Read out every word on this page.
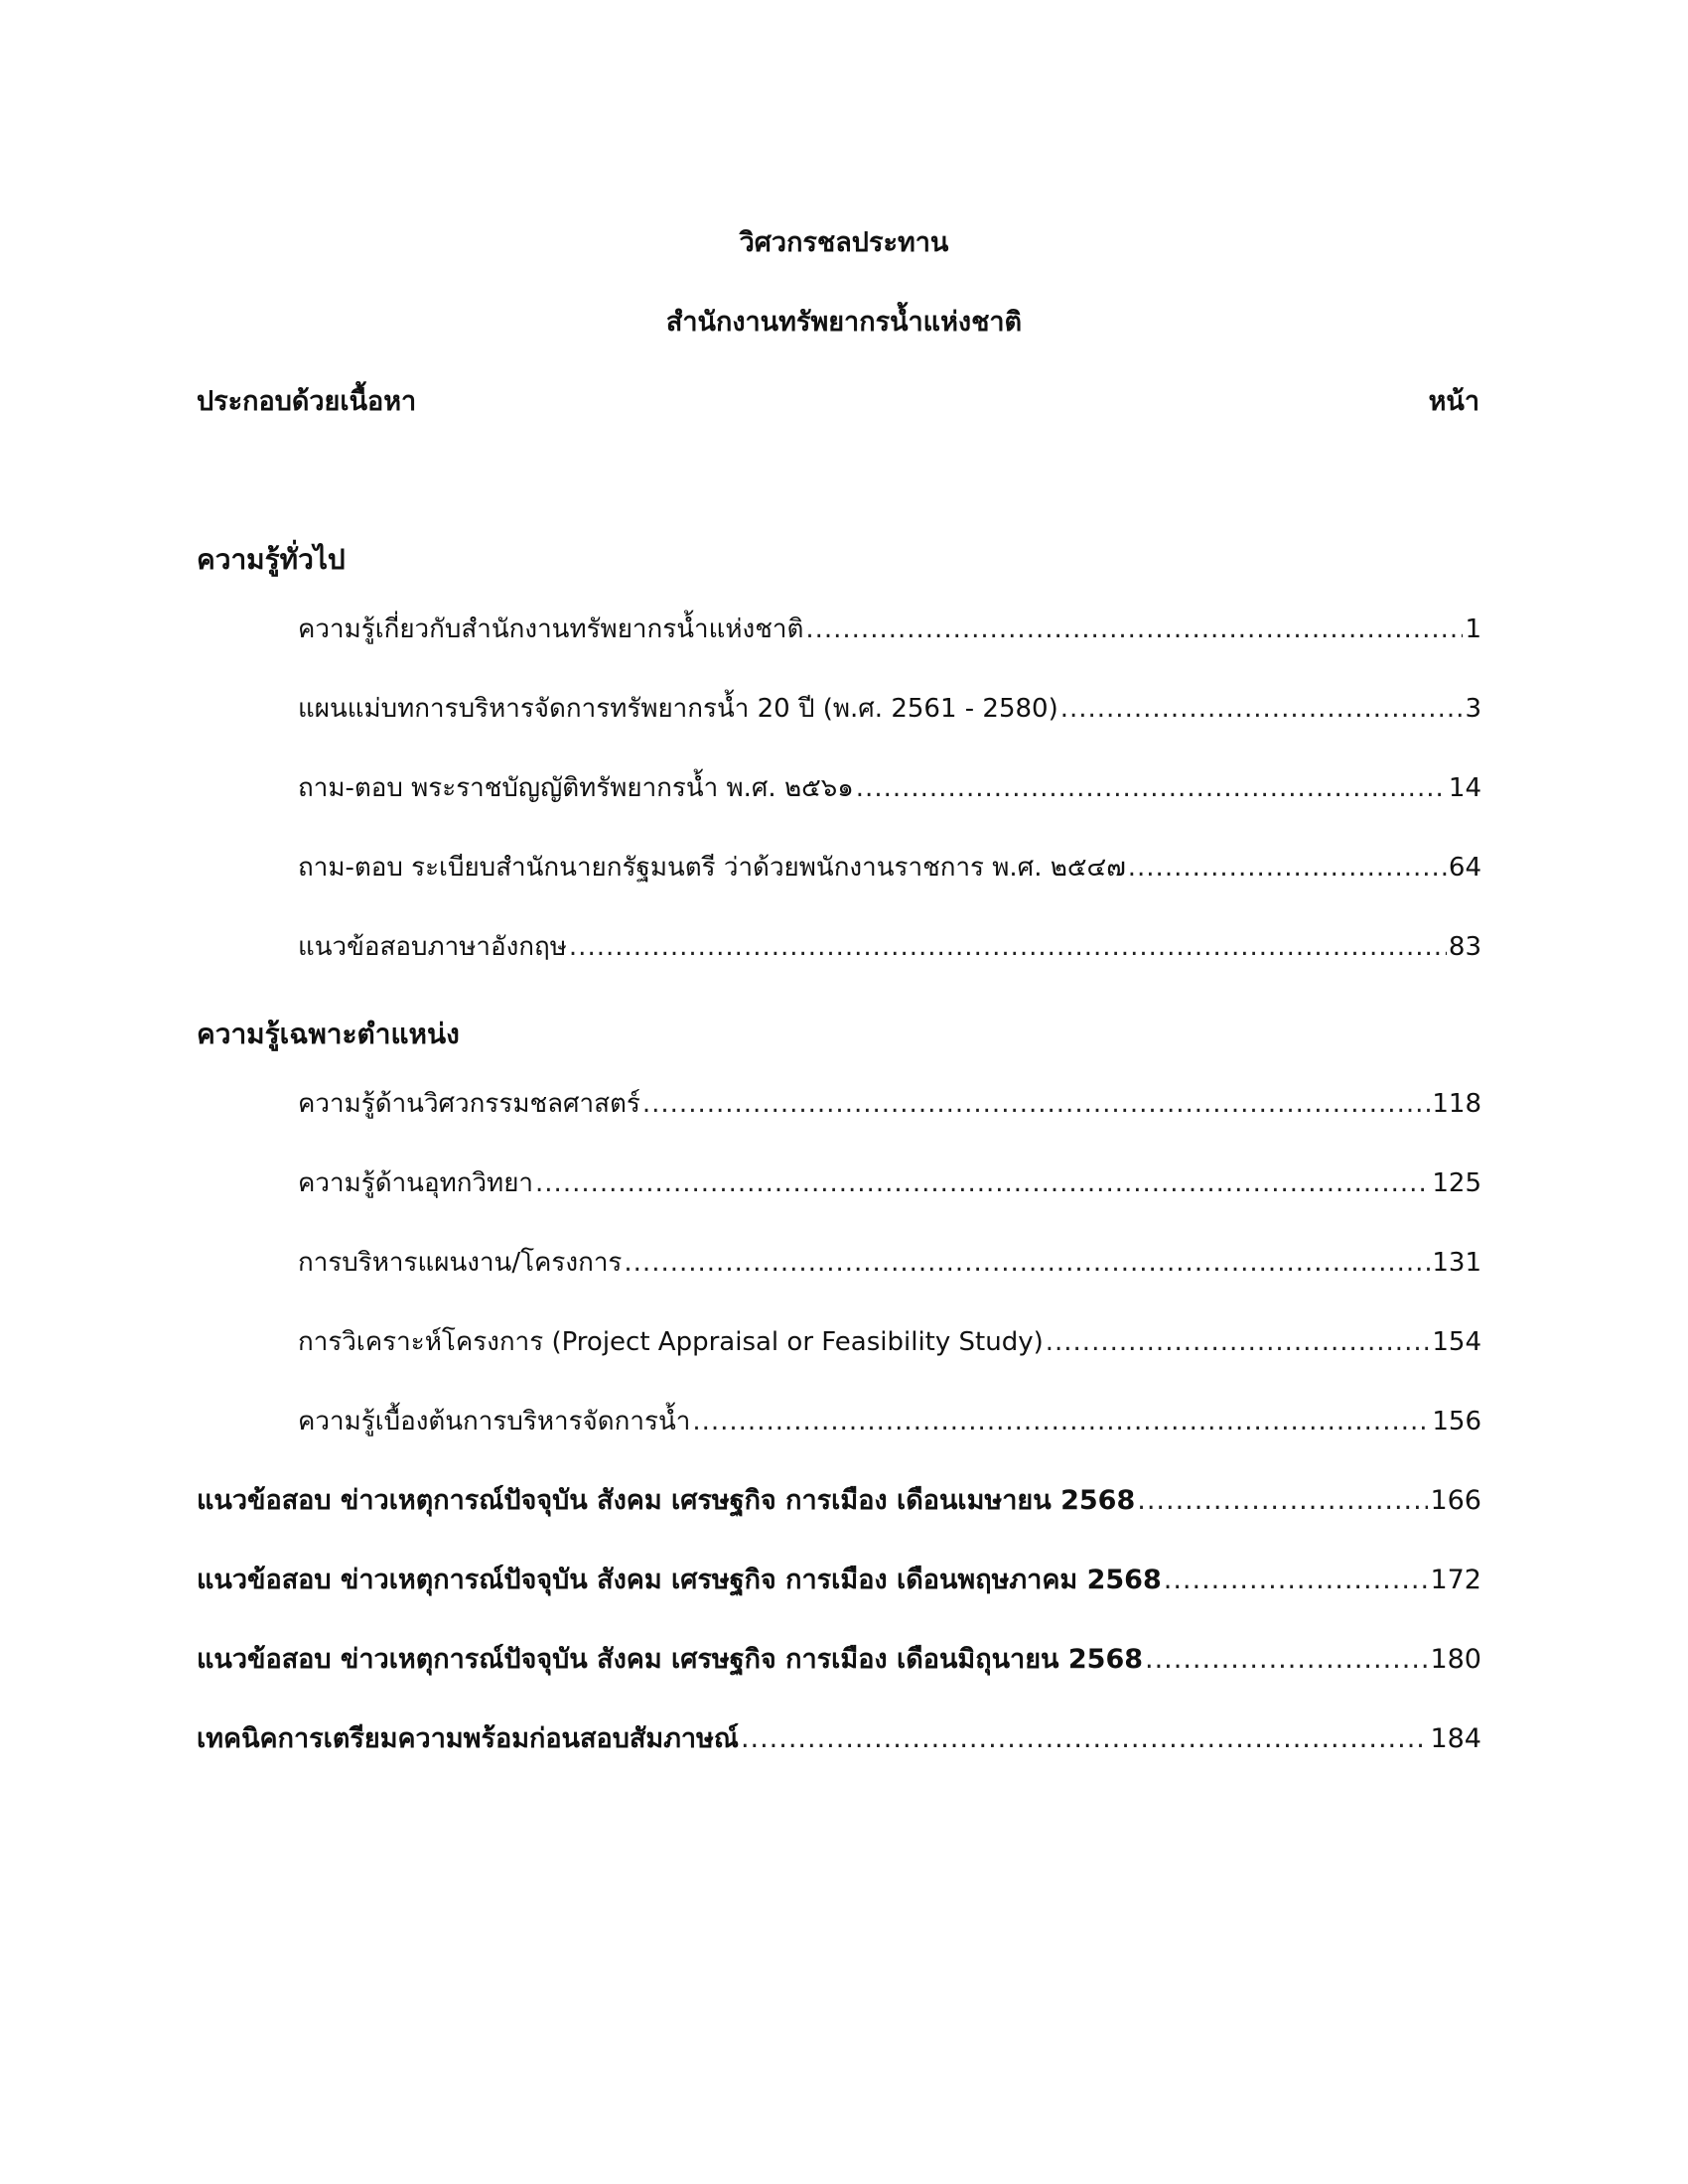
วิศวกรชลประทาน
สำนักงานทรัพยากรน้ำแห่งชาติ
ประกอบด้วยเนื้อหา	หน้า
ความรู้ทั่วไป
ความรู้เกี่ยวกับสำนักงานทรัพยากรน้ำแห่งชาติ .....	1
แผนแม่บทการบริหารจัดการทรัพยากรน้ำ 20 ปี (พ.ศ. 2561 - 2580) .....	3
ถาม-ตอบ พระราชบัญญัติทรัพยากรน้ำ พ.ศ. ๒๕๖๑ .....	14
ถาม-ตอบ ระเบียบสำนักนายกรัฐมนตรี ว่าด้วยพนักงานราชการ พ.ศ. ๒๕๔๗ .....	64
แนวข้อสอบภาษาอังกฤษ .....	83
ความรู้เฉพาะตำแหน่ง
ความรู้ด้านวิศวกรรมชลศาสตร์ .....	118
ความรู้ด้านอุทกวิทยา .....	125
การบริหารแผนงาน/โครงการ .....	131
การวิเคราะห์โครงการ (Project Appraisal or Feasibility Study) .....	154
ความรู้เบื้องต้นการบริหารจัดการน้ำ .....	156
แนวข้อสอบ ข่าวเหตุการณ์ปัจจุบัน สังคม เศรษฐกิจ การเมือง เดือนเมษายน 2568 .....	166
แนวข้อสอบ ข่าวเหตุการณ์ปัจจุบัน สังคม เศรษฐกิจ การเมือง เดือนพฤษภาคม 2568 .....	172
แนวข้อสอบ ข่าวเหตุการณ์ปัจจุบัน สังคม เศรษฐกิจ การเมือง เดือนมิถุนายน 2568 .....	180
เทคนิคการเตรียมความพร้อมก่อนสอบสัมภาษณ์ .....	184
